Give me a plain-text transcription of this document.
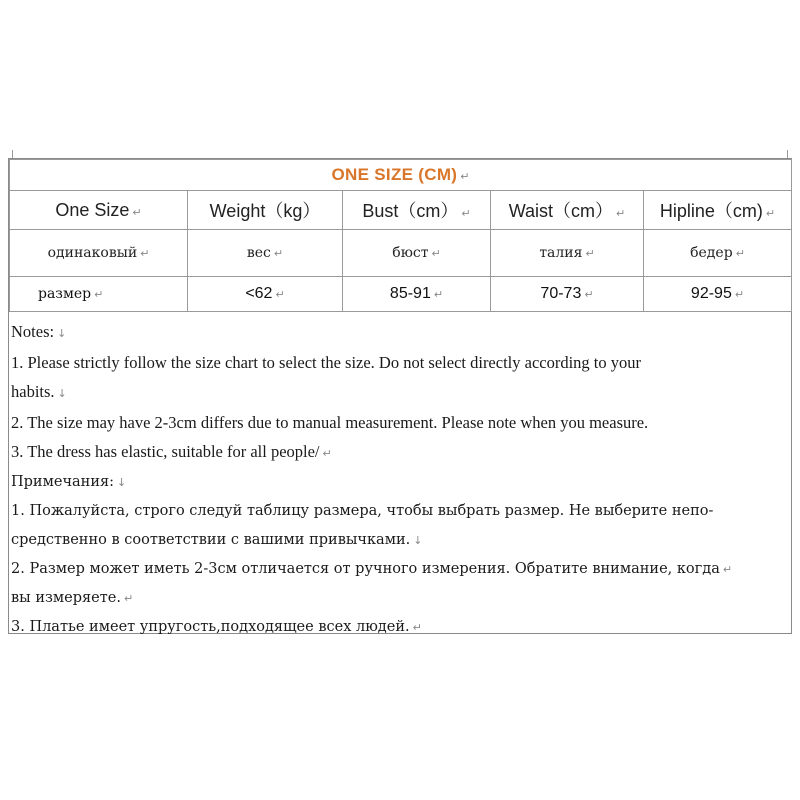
ONE SIZE (CM) ↵				
One Size ↵	Weight（kg）	Bust（cm） ↵	Waist（cm） ↵	Hipline（cm) ↵
одинаковый ↵	вес ↵	бюст ↵	талия ↵	бедер ↵
размер ↵	<62 ↵	85-91 ↵	70-73 ↵	92-95 ↵
Notes: ↓
1. Please strictly follow the size chart to select the size. Do not select directly according to your
habits. ↓
2. The size may have 2-3cm differs due to manual measurement. Please note when you measure.
3. The dress has elastic, suitable for all people/ ↵
Примечания: ↓
1. Пожалуйста, строго следуй таблицу размера, чтобы выбрать размер. Не выберите непо-
средственно в соответствии с вашими привычками. ↓
2. Размер может иметь 2-3см отличается от ручного измерения. Обратите внимание, когда ↵
вы измеряете. ↵
3. Платье имеет упругость,подходящее всех людей. ↵
